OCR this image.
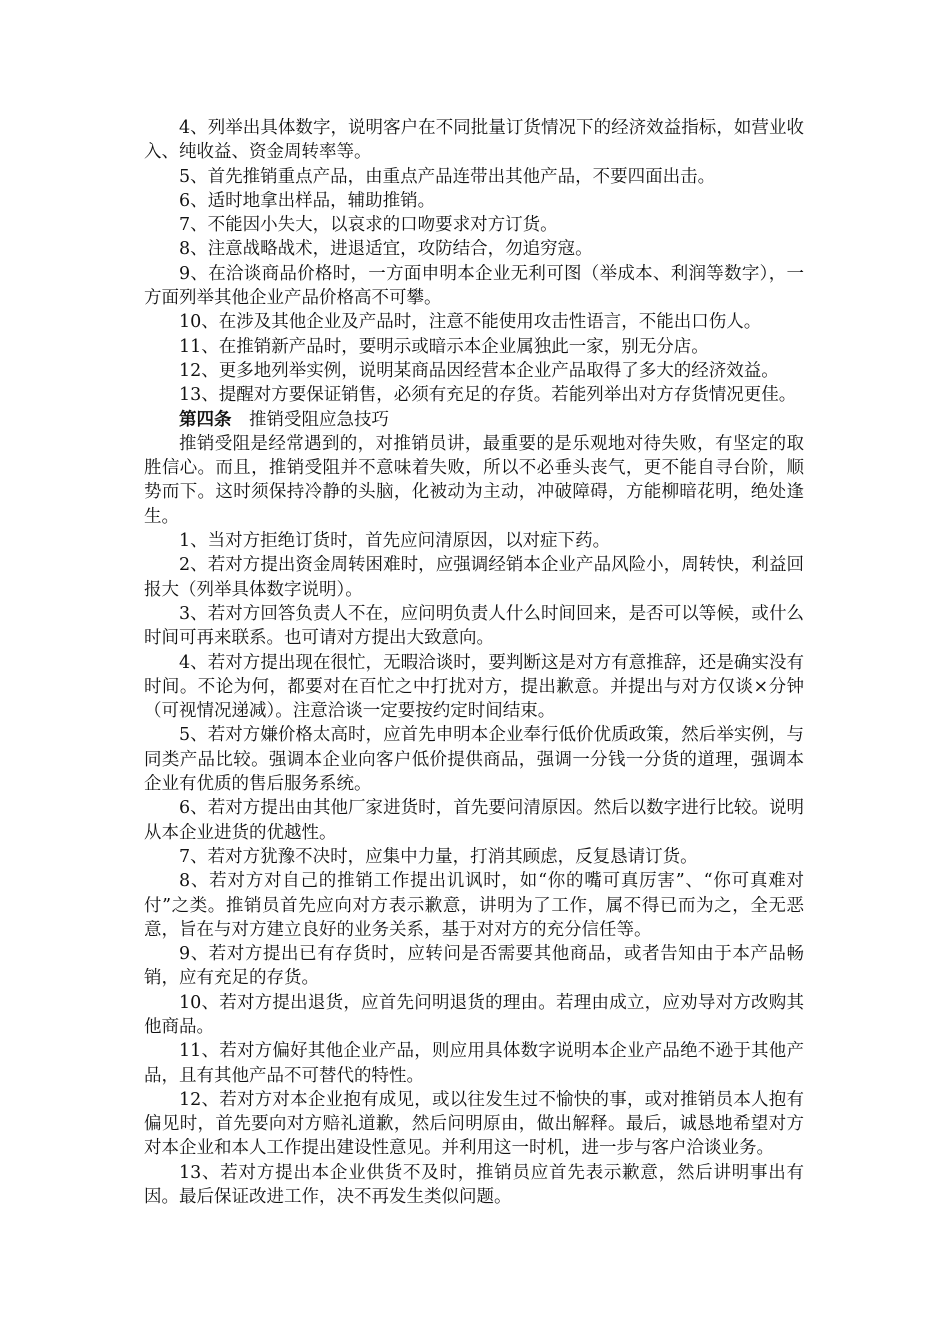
4、列举出具体数字，说明客户在不同批量订货情况下的经济效益指标，如营业收入、纯收益、资金周转率等。

5、首先推销重点产品，由重点产品连带出其他产品，不要四面出击。

6、适时地拿出样品，辅助推销。

7、不能因小失大，以哀求的口吻要求对方订货。

8、注意战略战术，进退适宜，攻防结合，勿追穷寇。

9、在洽谈商品价格时，一方面申明本企业无利可图（举成本、利润等数字），一方面列举其他企业产品价格高不可攀。

10、在涉及其他企业及产品时，注意不能使用攻击性语言，不能出口伤人。

11、在推销新产品时，要明示或暗示本企业属独此一家，别无分店。

12、更多地列举实例，说明某商品因经营本企业产品取得了多大的经济效益。

13、提醒对方要保证销售，必须有充足的存货。若能列举出对方存货情况更佳。

第四条 推销受阻应急技巧

推销受阻是经常遇到的，对推销员讲，最重要的是乐观地对待失败，有坚定的取胜信心。而且，推销受阻并不意味着失败，所以不必垂头丧气，更不能自寻台阶，顺势而下。这时须保持冷静的头脑，化被动为主动，冲破障碍，方能柳暗花明，绝处逢生。

1、当对方拒绝订货时，首先应问清原因，以对症下药。

2、若对方提出资金周转困难时，应强调经销本企业产品风险小，周转快，利益回报大（列举具体数字说明）。

3、若对方回答负责人不在，应问明负责人什么时间回来，是否可以等候，或什么时间可再来联系。也可请对方提出大致意向。

4、若对方提出现在很忙，无暇洽谈时，要判断这是对方有意推辞，还是确实没有时间。不论为何，都要对在百忙之中打扰对方，提出歉意。并提出与对方仅谈×分钟（可视情况递减）。注意洽谈一定要按约定时间结束。

5、若对方嫌价格太高时，应首先申明本企业奉行低价优质政策，然后举实例，与同类产品比较。强调本企业向客户低价提供商品，强调一分钱一分货的道理，强调本企业有优质的售后服务系统。

6、若对方提出由其他厂家进货时，首先要问清原因。然后以数字进行比较。说明从本企业进货的优越性。

7、若对方犹豫不决时，应集中力量，打消其顾虑，反复恳请订货。

8、若对方对自己的推销工作提出讥讽时，如“你的嘴可真厉害”、“你可真难对付”之类。推销员首先应向对方表示歉意，讲明为了工作，属不得已而为之，全无恶意，旨在与对方建立良好的业务关系，基于对对方的充分信任等。

9、若对方提出已有存货时，应转问是否需要其他商品，或者告知由于本产品畅销，应有充足的存货。

10、若对方提出退货，应首先问明退货的理由。若理由成立，应劝导对方改购其他商品。

11、若对方偏好其他企业产品，则应用具体数字说明本企业产品绝不逊于其他产品，且有其他产品不可替代的特性。

12、若对方对本企业抱有成见，或以往发生过不愉快的事，或对推销员本人抱有偏见时，首先要向对方赔礼道歉，然后问明原由，做出解释。最后，诚恳地希望对方对本企业和本人工作提出建设性意见。并利用这一时机，进一步与客户洽谈业务。

13、若对方提出本企业供货不及时，推销员应首先表示歉意，然后讲明事出有因。最后保证改进工作，决不再发生类似问题。
